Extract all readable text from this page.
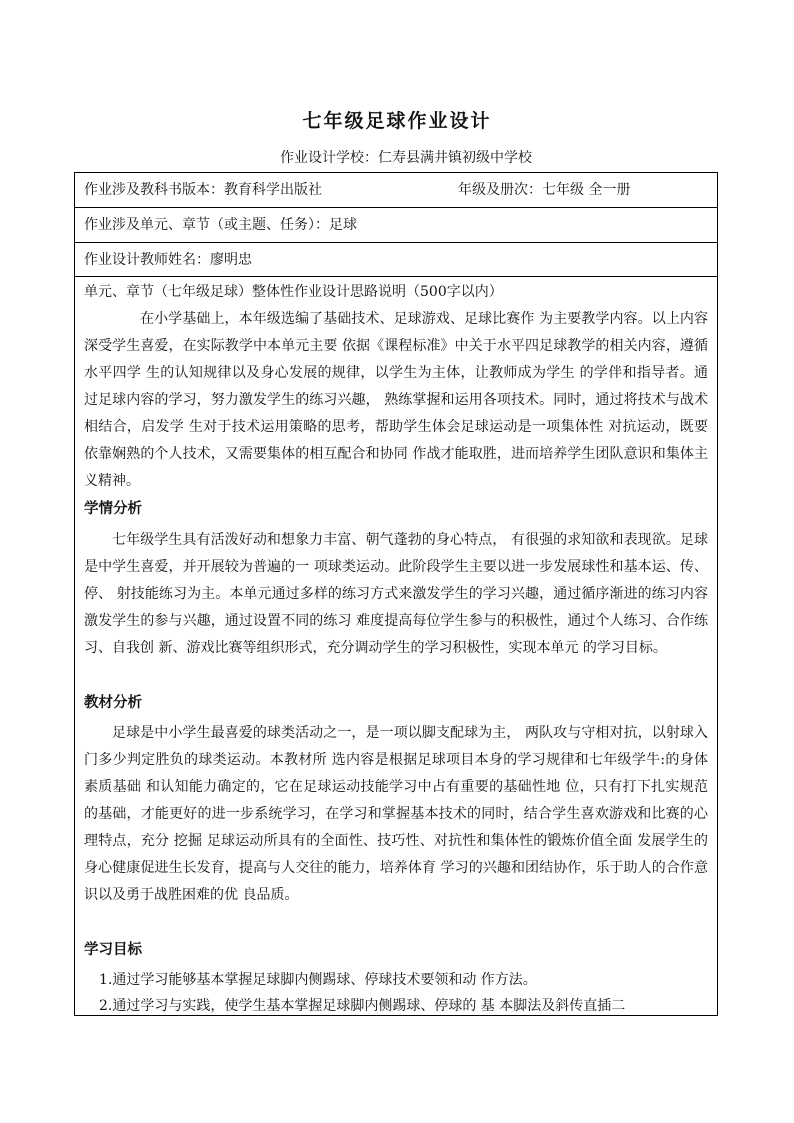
七年级足球作业设计
作业设计学校：仁寿县满井镇初级中学校
作业涉及教科书版本：教育科学出版社	年级及册次：七年级 全一册
作业涉及单元、章节（或主题、任务）：足球
作业设计教师姓名：廖明忠
单元、章节（七年级足球）整体性作业设计思路说明（500字以内）
在小学基础上，本年级选编了基础技术、足球游戏、足球比赛作 为主要教学内容。以上内容深受学生喜爱，在实际教学中本单元主要 依据《课程标准》中关于水平四足球教学的相关内容，遵循水平四学 生的认知规律以及身心发展的规律，以学生为主体，让教师成为学生 的学伴和指导者。通过足球内容的学习，努力激发学生的练习兴趣， 熟练掌握和运用各项技术。同时，通过将技术与战术相结合，启发学 生对于技术运用策略的思考，帮助学生体会足球运动是一项集体性 对抗运动，既要依靠娴熟的个人技术，又需要集体的相互配合和协同 作战才能取胜，进而培养学生团队意识和集体主义精神。
学情分析
七年级学生具有活泼好动和想象力丰富、朝气蓬勃的身心特点， 有很强的求知欲和表现欲。足球是中学生喜爱，并开展较为普遍的一 项球类运动。此阶段学生主要以进一步发展球性和基本运、传、停、 射技能练习为主。本单元通过多样的练习方式来激发学生的学习兴趣，通过循序渐进的练习内容激发学生的参与兴趣，通过设置不同的练习 难度提高每位学生参与的积极性，通过个人练习、合作练习、自我创 新、游戏比赛等组织形式，充分调动学生的学习积极性，实现本单元 的学习目标。
教材分析
足球是中小学生最喜爱的球类活动之一，是一项以脚支配球为主， 两队攻与守相对抗，以射球入门多少判定胜负的球类运动。本教材所 选内容是根据足球项目本身的学习规律和七年级学牛:的身体素质基础 和认知能力确定的，它在足球运动技能学习中占有重要的基础性地 位，只有打下扎实规范的基础，才能更好的进一步系统学习，在学习和掌握基本技术的同时，结合学生喜欢游戏和比赛的心理特点，充分 挖掘 足球运动所具有的全面性、技巧性、对抗性和集体性的锻炼价值全面 发展学生的身心健康促进生长发育，提高与人交往的能力，培养体育 学习的兴趣和团结协作，乐于助人的合作意识以及勇于战胜困难的优 良品质。
学习目标
1.通过学习能够基本掌握足球脚内侧踢球、停球技术要领和动 作方法。
2.通过学习与实践，使学生基本掌握足球脚内侧踢球、停球的 基 本脚法及斜传直插二
